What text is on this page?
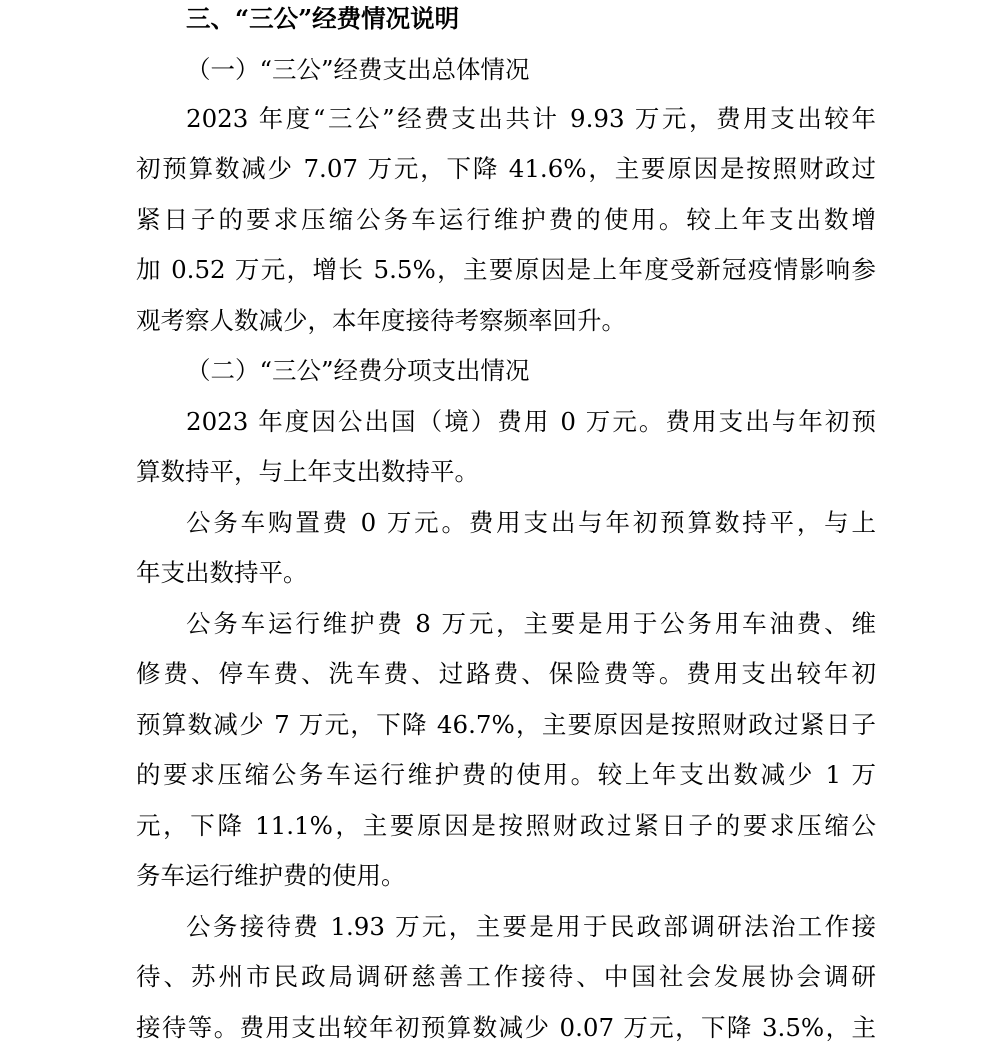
三、“三公”经费情况说明
（一）“三公”经费支出总体情况
2023 年度“三公”经费支出共计 9.93 万元，费用支出较年
初预算数减少 7.07 万元，下降 41.6%，主要原因是按照财政过
紧日子的要求压缩公务车运行维护费的使用。较上年支出数增
加 0.52 万元，增长 5.5%，主要原因是上年度受新冠疫情影响参
观考察人数减少，本年度接待考察频率回升。
（二）“三公”经费分项支出情况
2023 年度因公出国（境）费用 0 万元。费用支出与年初预
算数持平，与上年支出数持平。
公务车购置费 0 万元。费用支出与年初预算数持平，与上
年支出数持平。
公务车运行维护费 8 万元，主要是用于公务用车油费、维
修费、停车费、洗车费、过路费、保险费等。费用支出较年初
预算数减少 7 万元，下降 46.7%，主要原因是按照财政过紧日子
的要求压缩公务车运行维护费的使用。较上年支出数减少 1 万
元，下降 11.1%，主要原因是按照财政过紧日子的要求压缩公
务车运行维护费的使用。
公务接待费 1.93 万元，主要是用于民政部调研法治工作接
待、苏州市民政局调研慈善工作接待、中国社会发展协会调研
接待等。费用支出较年初预算数减少 0.07 万元，下降 3.5%，主
